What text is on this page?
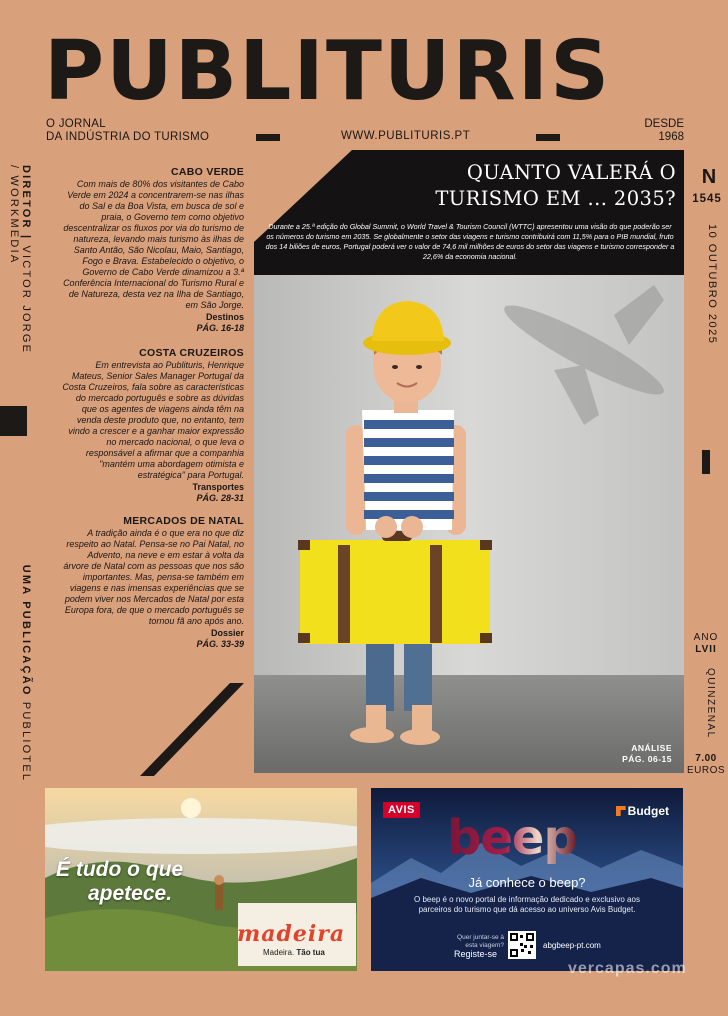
PUBLITURIS
O JORNAL
DA INDÚSTRIA DO TURISMO	WWW.PUBLITURIS.PT
DESDE
1968
DIRETOR | VICTOR JORGE  UMA PUBLICAÇÃO PUBLIOTEL / WORKMEDIA	N
1545
10 OUTUBRO 2025
ANO
LVII
QUINZENAL
7.00
EUROS
CABO VERDE
Com mais de 80% dos visitantes de Cabo Verde em 2024 a concentrarem-se nas ilhas do Sal e da Boa Vista, em busca de sol e praia, o Governo tem como objetivo descentralizar os fluxos por via do turismo de natureza, levando mais turismo às ilhas de Santo Antão, São Nicolau, Maio, Santiago, Fogo e Brava. Estabelecido o objetivo, o Governo de Cabo Verde dinamizou a 3.ª Conferência Internacional do Turismo Rural e de Natureza, desta vez na Ilha de Santiago, em São Jorge.
Destinos
PÁG. 16-18
COSTA CRUZEIROS
Em entrevista ao Publituris, Henrique Mateus, Senior Sales Manager Portugal da Costa Cruzeiros, fala sobre as características do mercado português e sobre as dúvidas que os agentes de viagens ainda têm na venda deste produto que, no entanto, tem vindo a crescer e a ganhar maior expressão no mercado nacional, o que leva o responsável a afirmar que a companhia "mantém uma abordagem otimista e estratégica" para Portugal.
Transportes
PÁG. 28-31
MERCADOS DE NATAL
A tradição ainda é o que era no que diz respeito ao Natal. Pensa-se no Pai Natal, no Advento, na neve e em estar à volta da árvore de Natal com as pessoas que nos são importantes. Mas, pensa-se também em viagens e nas imensas experiências que se podem viver nos Mercados de Natal por esta Europa fora, de que o mercado português se tornou fã ano após ano.
Dossier
PÁG. 33-39
QUANTO VALERÁ O
TURISMO EM ... 2035?
Durante a 25.ª edição do Global Summit, o World Travel & Tourism Council (WTTC) apresentou uma visão do que poderão ser os números do turismo em 2035. Se globalmente o setor das viagens e turismo contribuirá com 11,5% para o PIB mundial, fruto dos 14 biliões de euros, Portugal poderá ver o valor de 74,6 mil milhões de euros do setor das viagens e turismo corresponder a 22,6% da economia nacional.
ANÁLISE
PÁG. 06-15
É tudo o que
apetece.
madeira
Madeira. Tão tua
AVIS	Budget
beep
Já conhece o beep?
O beep é o novo portal de informação dedicado e exclusivo aos parceiros do turismo que dá acesso ao universo Avis Budget.
Quer juntar-se à esta viagem?
Registe-se
abgbeep-pt.com
vercapas.com
